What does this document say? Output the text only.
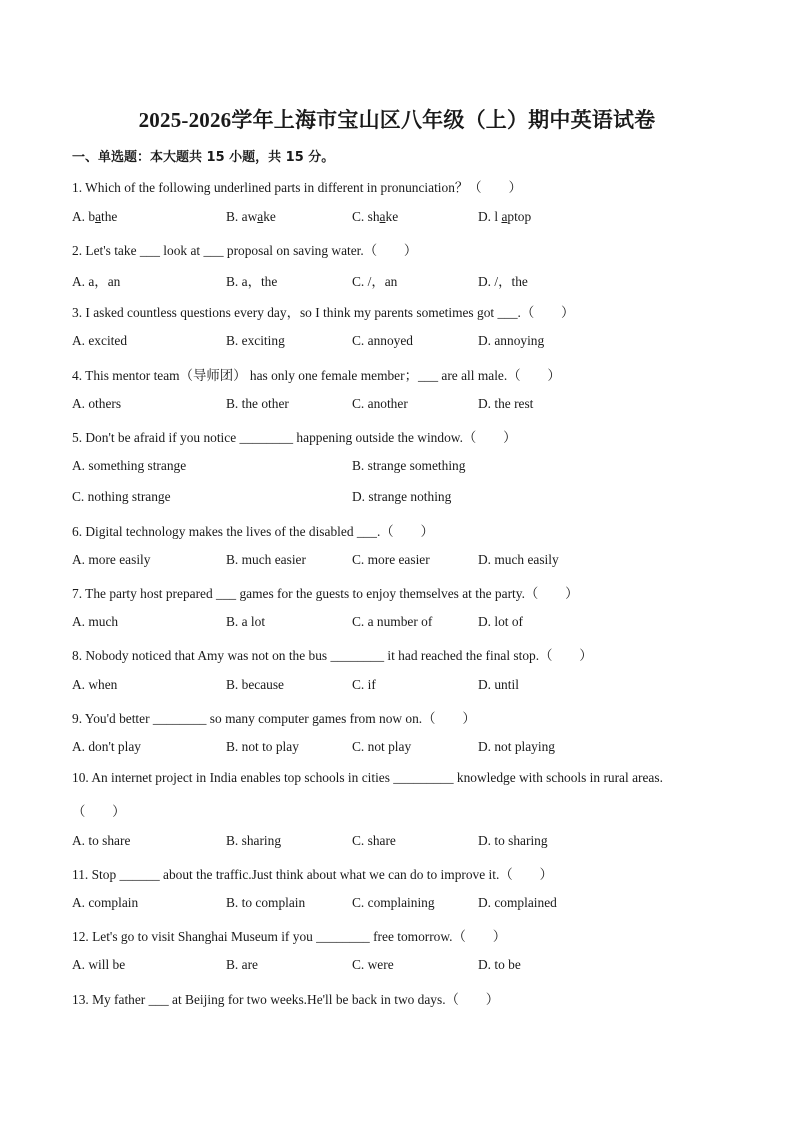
2025-2026学年上海市宝山区八年级（上）期中英语试卷
一、单选题：本大题共 15 小题，共 15 分。
1. Which of the following underlined parts in different in pronunciation？（　　）
A. bathe	B. awake	C. shake	D. l aptop
2. Let's take ___ look at ___ proposal on saving water.（　　）
A. a，an	B. a，the	C. /，an	D. /，the
3. I asked countless questions every day，so I think my parents sometimes got ___.（　　）
A. excited	B. exciting	C. annoyed	D. annoying
4. This mentor team（导师团） has only one female member；___ are all male.（　　）
A. others	B. the other	C. another	D. the rest
5. Don't be afraid if you notice ________ happening outside the window.（　　）
A. something strange	B. strange something
C. nothing strange	D. strange nothing
6. Digital technology makes the lives of the disabled ___.（　　）
A. more easily	B. much easier	C. more easier	D. much easily
7. The party host prepared ___ games for the guests to enjoy themselves at the party.（　　）
A. much	B. a lot	C. a number of	D. lot of
8. Nobody noticed that Amy was not on the bus ________ it had reached the final stop.（　　）
A. when	B. because	C. if	D. until
9. You'd better ________ so many computer games from now on.（　　）
A. don't play	B. not to play	C. not play	D. not playing
10. An internet project in India enables top schools in cities _________ knowledge with schools in rural areas.
（　　）
A. to share	B. sharing	C. share	D. to sharing
11. Stop ______ about the traffic.Just think about what we can do to improve it.（　　）
A. complain	B. to complain	C. complaining	D. complained
12. Let's go to visit Shanghai Museum if you ________ free tomorrow.（　　）
A. will be	B. are	C. were	D. to be
13. My father ___ at Beijing for two weeks.He'll be back in two days.（　　）
